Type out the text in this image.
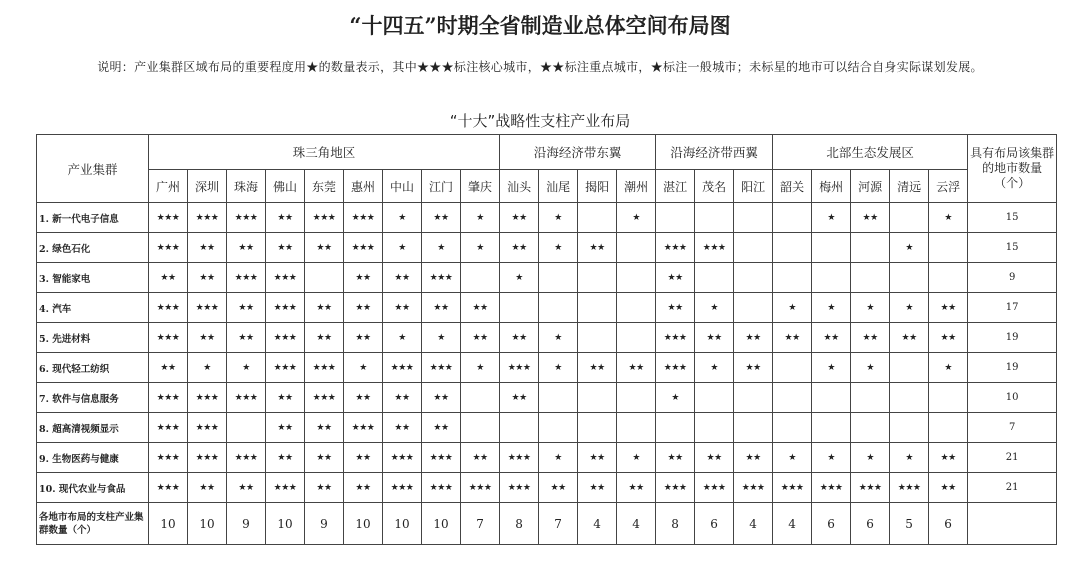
“十四五”时期全省制造业总体空间布局图
说明：产业集群区域布局的重要程度用★的数量表示，其中★★★标注核心城市，★★标注重点城市，★标注一般城市；未标星的地市可以结合自身实际谋划发展。
“十大”战略性支柱产业布局
产业集群	珠三角地区									沿海经济带东翼				沿海经济带西翼			北部生态发展区					具有布局该集群的地市数量（个）
	广州	深圳	珠海	佛山	东莞	惠州	中山	江门	肇庆	汕头	汕尾	揭阳	潮州	湛江	茂名	阳江	韶关	梅州	河源	清远	云浮	
1. 新一代电子信息	★★★	★★★	★★★	★★	★★★	★★★	★	★★	★	★★	★		★					★	★★		★	15
2. 绿色石化	★★★	★★	★★	★★	★★	★★★	★	★	★	★★	★	★★		★★★	★★★					★		15
3. 智能家电	★★	★★	★★★	★★★		★★	★★	★★★		★				★★								9
4. 汽车	★★★	★★★	★★	★★★	★★	★★	★★	★★	★★					★★	★		★	★	★	★	★★	17
5. 先进材料	★★★	★★	★★	★★★	★★	★★	★	★	★★	★★	★			★★★	★★	★★	★★	★★	★★	★★	★★	19
6. 现代轻工纺织	★★	★	★	★★★	★★★	★	★★★	★★★	★	★★★	★	★★	★★	★★★	★	★★		★	★		★	19
7. 软件与信息服务	★★★	★★★	★★★	★★	★★★	★★	★★	★★		★★				★								10
8. 超高清视频显示	★★★	★★★		★★	★★	★★★	★★	★★														7
9. 生物医药与健康	★★★	★★★	★★★	★★	★★	★★	★★★	★★★	★★	★★★	★	★★	★	★★	★★	★★	★	★	★	★	★★	21
10. 现代农业与食品	★★★	★★	★★	★★★	★★	★★	★★★	★★★	★★★	★★★	★★	★★	★★	★★★	★★★	★★★	★★★	★★★	★★★	★★★	★★	21
各地市布局的支柱产业集群数量（个）	10	10	9	10	9	10	10	10	7	8	7	4	4	8	6	4	4	6	6	5	6	
